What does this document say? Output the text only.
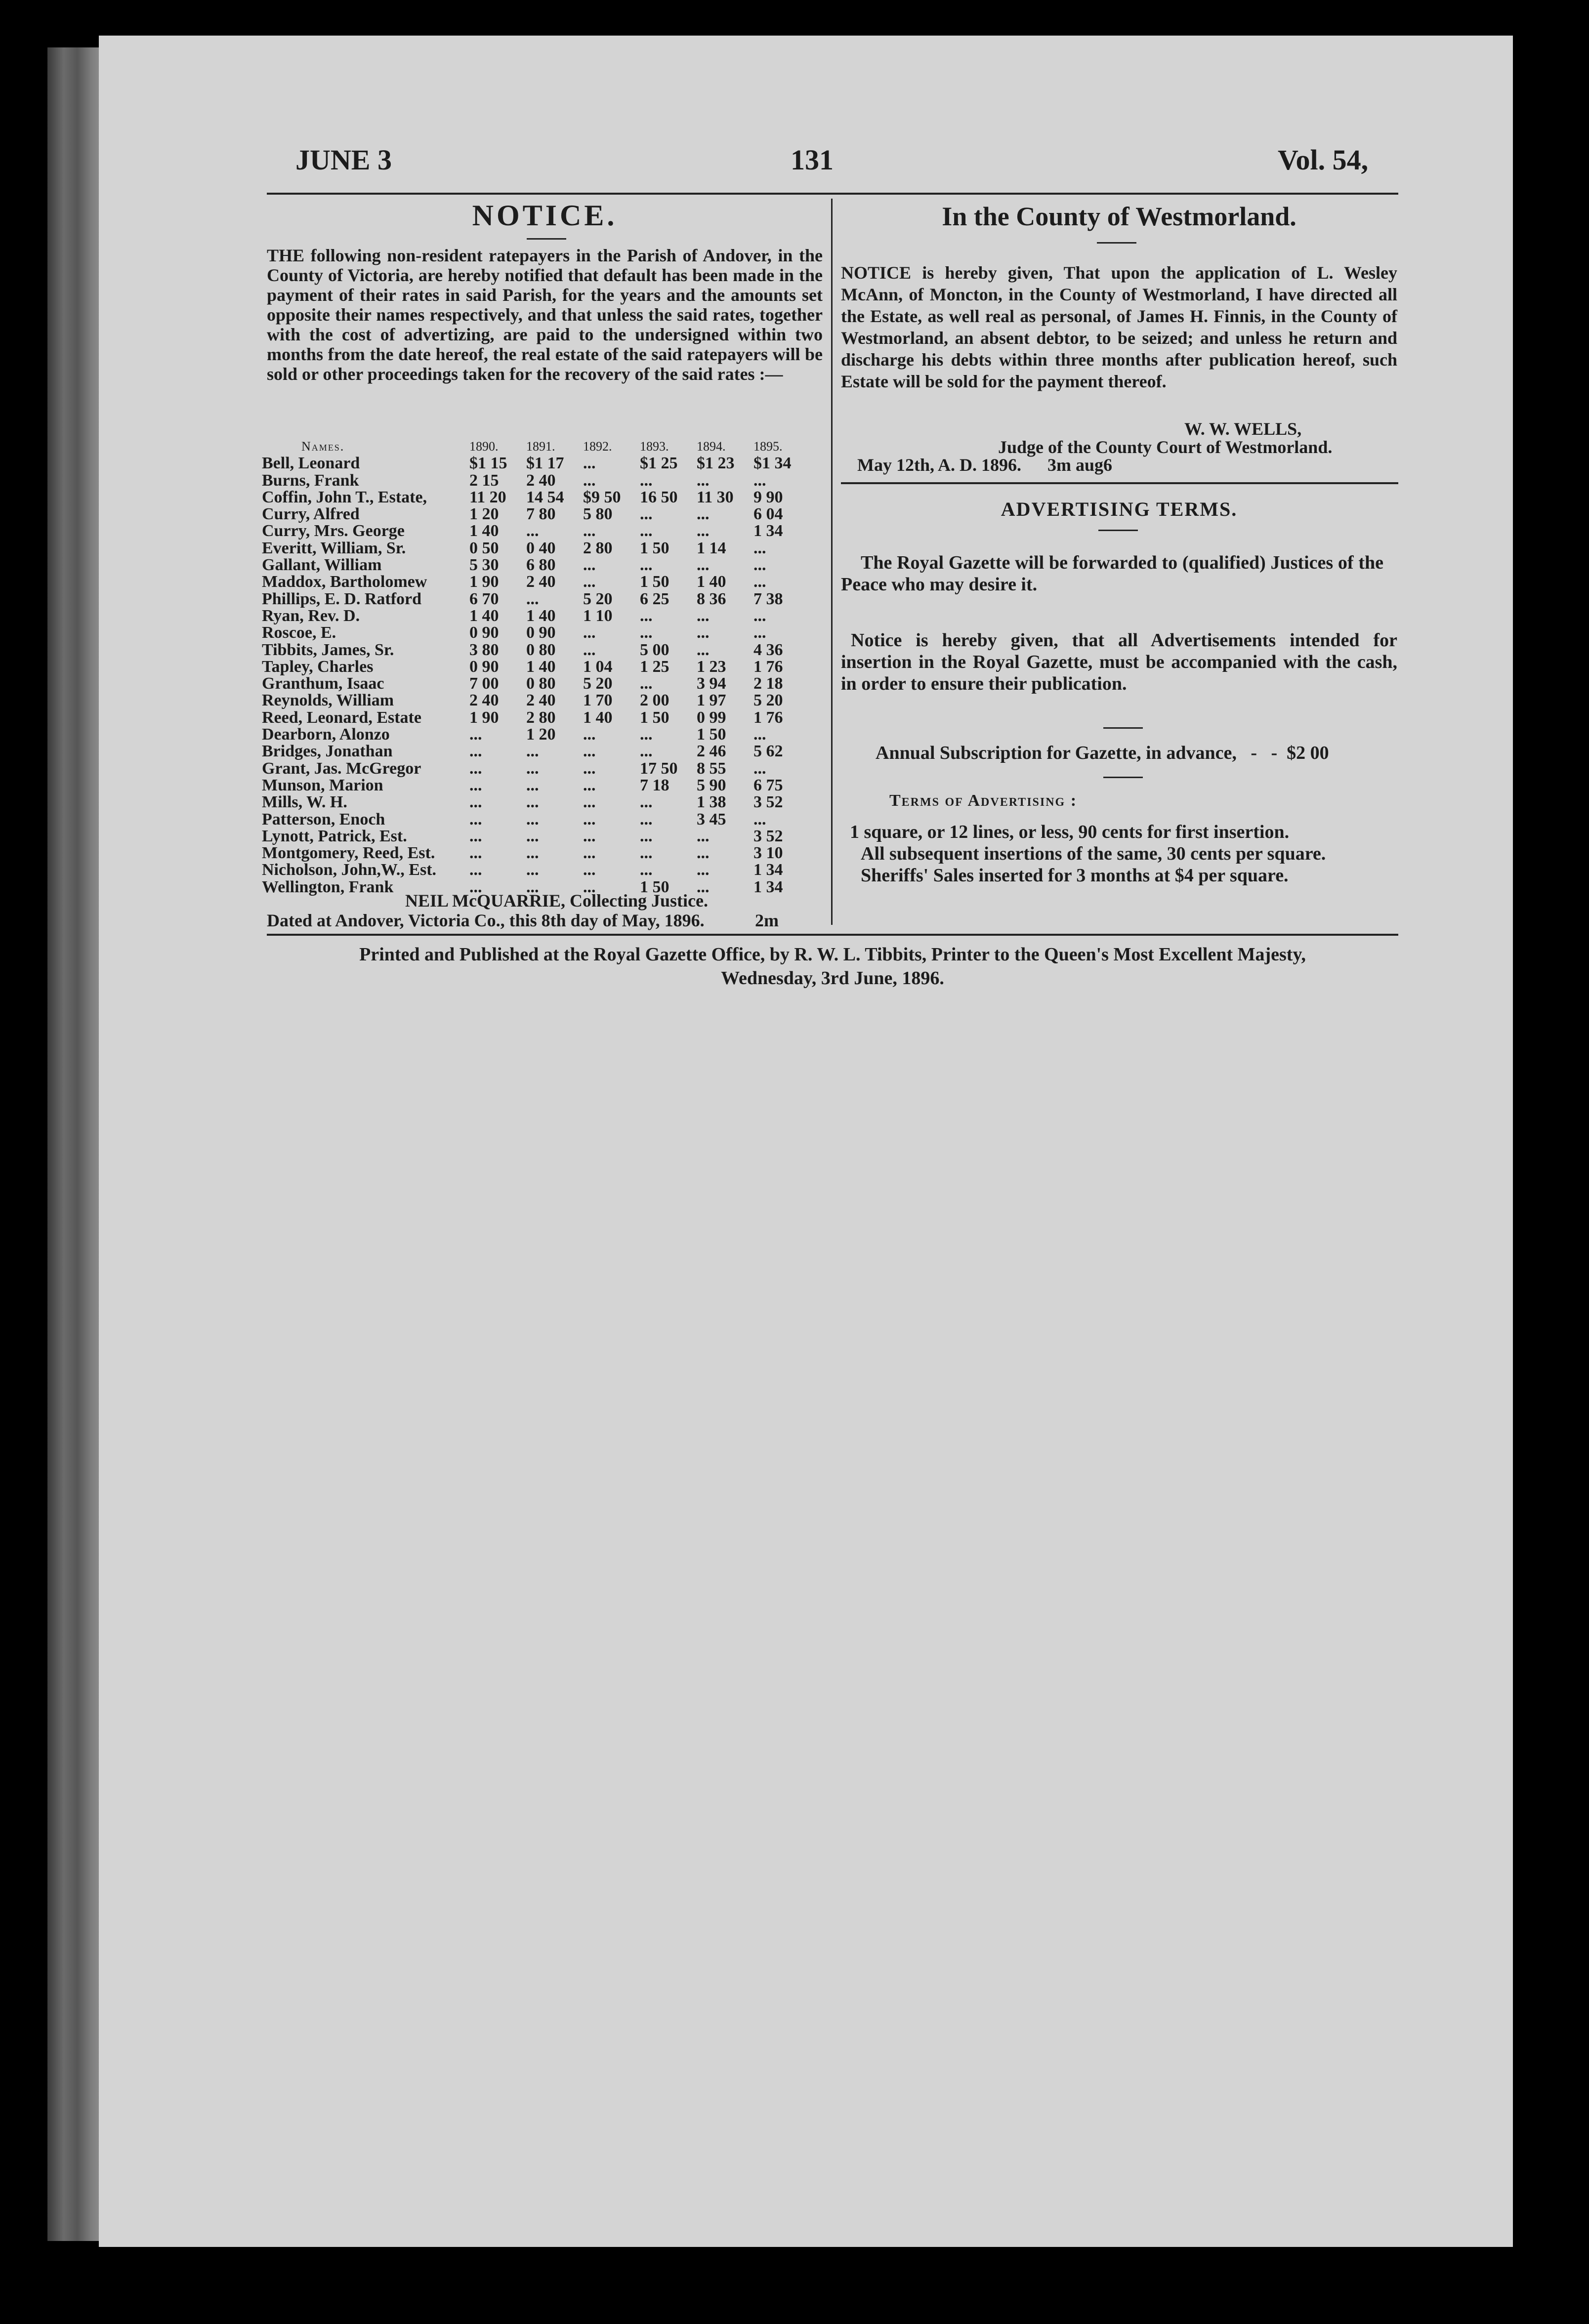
JUNE 3	131	Vol. 54,
NOTICE.
THE following non-resident ratepayers in the Parish of Andover, in the County of Victoria, are hereby notified that default has been made in the payment of their rates in said Parish, for the years and the amounts set opposite their names respectively, and that unless the said rates, together with the cost of advertizing, are paid to the undersigned within two months from the date hereof, the real estate of the said ratepayers will be sold or other proceedings taken for the recovery of the said rates :—
Names.	1890.	1891.	1892.	1893.	1894.	1895.
Bell, Leonard	$1 15	$1 17	...	$1 25	$1 23	$1 34
Burns, Frank	2 15	2 40	...	...	...	...
Coffin, John T., Estate,	11 20	14 54	$9 50	16 50	11 30	9 90
Curry, Alfred	1 20	7 80	5 80	...	...	6 04
Curry, Mrs. George	1 40	...	...	...	...	1 34
Everitt, William, Sr.	0 50	0 40	2 80	1 50	1 14	...
Gallant, William	5 30	6 80	...	...	...	...
Maddox, Bartholomew	1 90	2 40	...	1 50	1 40	...
Phillips, E. D. Ratford	6 70	...	5 20	6 25	8 36	7 38
Ryan, Rev. D.	1 40	1 40	1 10	...	...	...
Roscoe, E.	0 90	0 90	...	...	...	...
Tibbits, James, Sr.	3 80	0 80	...	5 00	...	4 36
Tapley, Charles	0 90	1 40	1 04	1 25	1 23	1 76
Granthum, Isaac	7 00	0 80	5 20	...	3 94	2 18
Reynolds, William	2 40	2 40	1 70	2 00	1 97	5 20
Reed, Leonard, Estate	1 90	2 80	1 40	1 50	0 99	1 76
Dearborn, Alonzo	...	1 20	...	...	1 50	...
Bridges, Jonathan	...	...	...	...	2 46	5 62
Grant, Jas. McGregor	...	...	...	17 50	8 55	...
Munson, Marion	...	...	...	7 18	5 90	6 75
Mills, W. H.	...	...	...	...	1 38	3 52
Patterson, Enoch	...	...	...	...	3 45	...
Lynott, Patrick, Est.	...	...	...	...	...	3 52
Montgomery, Reed, Est.	...	...	...	...	...	3 10
Nicholson, John,W., Est.	...	...	...	...	...	1 34
Wellington, Frank	...	...	...	1 50	...	1 34
NEIL McQUARRIE, Collecting Justice.
Dated at Andover, Victoria Co., this 8th day of May, 1896.	2m
In the County of Westmorland.
NOTICE is hereby given, That upon the application of L. Wesley McAnn, of Moncton, in the County of Westmorland, I have directed all the Estate, as well real as personal, of James H. Finnis, in the County of Westmorland, an absent debtor, to be seized; and unless he return and discharge his debts within three months after publication hereof, such Estate will be sold for the payment thereof.
W. W. WELLS,
Judge of the County Court of Westmorland.
May 12th, A. D. 1896. 3m aug6
ADVERTISING TERMS.
The Royal Gazette will be forwarded to (qualified) Justices of the Peace who may desire it.
Notice is hereby given, that all Advertisements intended for insertion in the Royal Gazette, must be accompanied with the cash, in order to ensure their publication.
Annual Subscription for Gazette, in advance,   -   -  $2 00
Terms of Advertising :
1 square, or 12 lines, or less, 90 cents for first insertion.
All subsequent insertions of the same, 30 cents per square.
Sheriffs' Sales inserted for 3 months at $4 per square.
Printed and Published at the Royal Gazette Office, by R. W. L. Tibbits, Printer to the Queen's Most Excellent Majesty,
Wednesday, 3rd June, 1896.
